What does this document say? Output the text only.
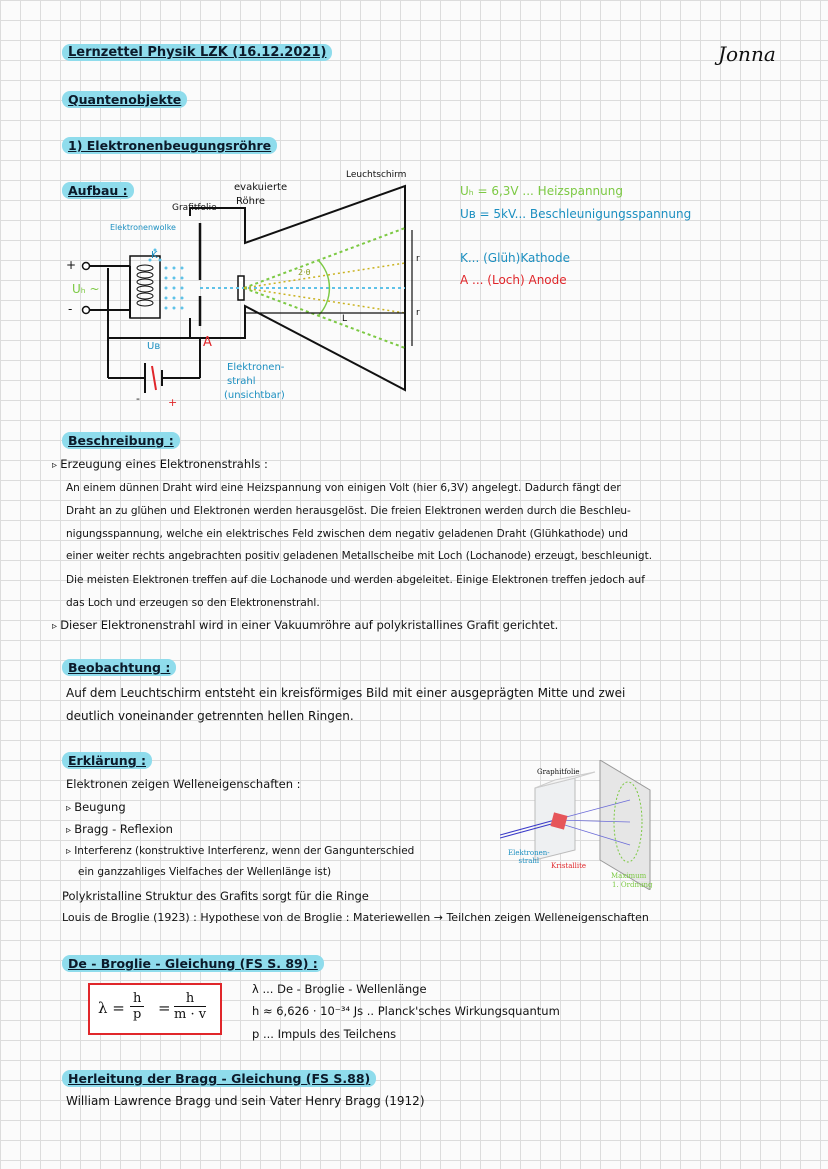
Lernzettel Physik LZK (16.12.2021)	Jonna
Quantenobjekte
1) Elektronenbeugungsröhre
Aufbau :
Leuchtschirm
evakuierte
Röhre
Grafitfolie
Elektronenwolke
K
A
+
-
Uₕ ~
Uʙ
-	+
Elektronen-
strahl
(unsichtbar)
r
r
L
2·θ
Uₕ = 6,3V ... Heizspannung
Uʙ = 5kV... Beschleunigungsspannung
K... (Glüh)Kathode
A ... (Loch) Anode
Beschreibung :
▹ Erzeugung eines Elektronenstrahls :
An einem dünnen Draht wird eine Heizspannung von einigen Volt (hier 6,3V) angelegt. Dadurch fängt der
Draht an zu glühen und Elektronen werden herausgelöst. Die freien Elektronen werden durch die Beschleu-
nigungsspannung, welche ein elektrisches Feld zwischen dem negativ geladenen Draht (Glühkathode) und
einer weiter rechts angebrachten positiv geladenen Metallscheibe mit Loch (Lochanode) erzeugt, beschleunigt.
Die meisten Elektronen treffen auf die Lochanode und werden abgeleitet. Einige Elektronen treffen jedoch auf
das Loch und erzeugen so den Elektronenstrahl.
▹ Dieser Elektronenstrahl wird in einer Vakuumröhre auf polykristallines Grafit gerichtet.
Beobachtung :
Auf dem Leuchtschirm entsteht ein kreisförmiges Bild mit einer ausgeprägten Mitte und zwei
deutlich voneinander getrennten hellen Ringen.
Erklärung :
Elektronen zeigen Welleneigenschaften :
▹ Beugung
▹ Bragg - Reflexion
▹ Interferenz (konstruktive Interferenz, wenn der Gangunterschied
ein ganzzahliges Vielfaches der Wellenlänge ist)
Polykristalline Struktur des Grafits sorgt für die Ringe
Louis de Broglie (1923) : Hypothese von de Broglie : Materiewellen → Teilchen zeigen Welleneigenschaften
Graphitfolie
Elektronen-
strahl
Kristallite
Maximum
1. Ordnung
De - Broglie - Gleichung (FS S. 89) :
$\lambda = \frac{h}{p} = \frac{h}{m \cdot v}$
λ ... De - Broglie - Wellenlänge
h ≈ 6,626 · 10⁻³⁴ Js .. Planck'sches Wirkungsquantum
p ... Impuls des Teilchens
Herleitung der Bragg - Gleichung (FS S.88)
William Lawrence Bragg und sein Vater Henry Bragg (1912)
